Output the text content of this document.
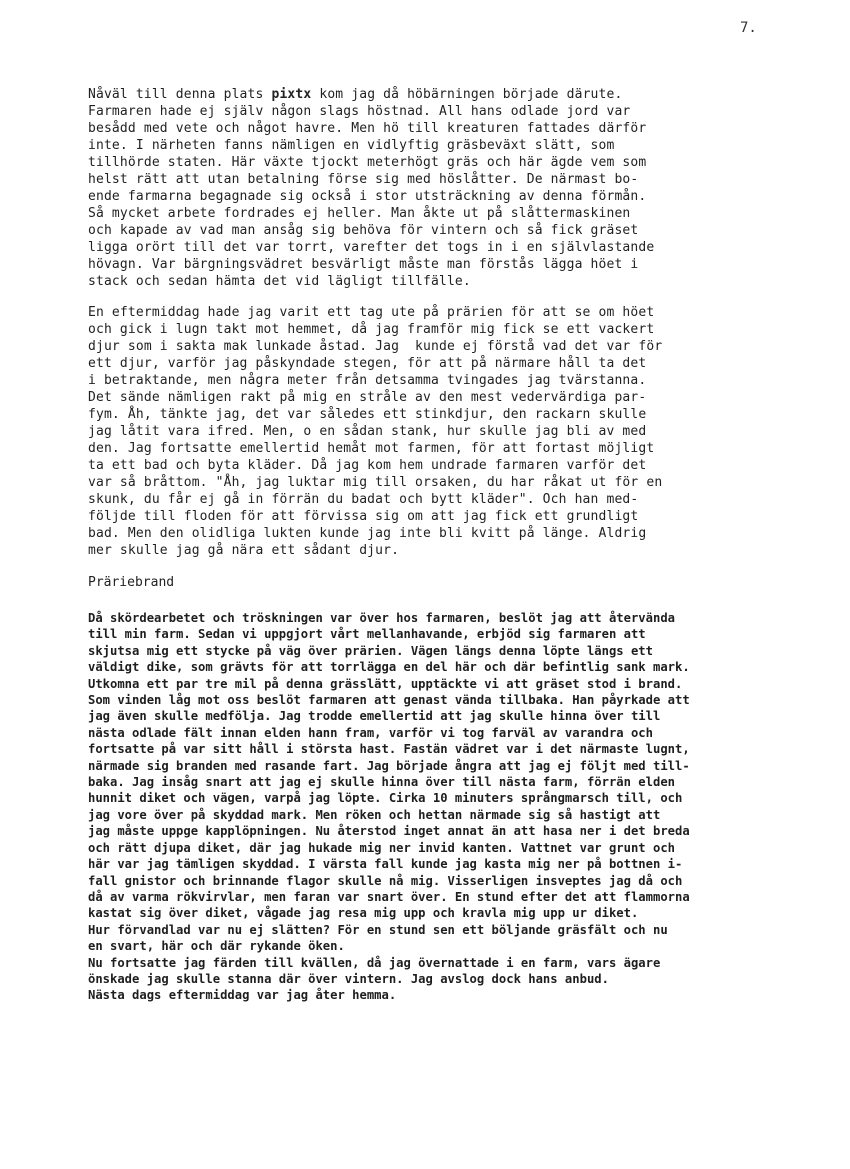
7.
Nåväl till denna plats pixtx kom jag då höbärningen började därute.
Farmaren hade ej själv någon slags höstnad. All hans odlade jord var
besådd med vete och något havre. Men hö till kreaturen fattades därför
inte. I närheten fanns nämligen en vidlyftig gräsbeväxt slätt, som
tillhörde staten. Här växte tjockt meterhögt gräs och här ägde vem som
helst rätt att utan betalning förse sig med höslåtter. De närmast bo-
ende farmarna begagnade sig också i stor utsträckning av denna förmån.
Så mycket arbete fordrades ej heller. Man åkte ut på slåttermaskinen
och kapade av vad man ansåg sig behöva för vintern och så fick gräset
ligga orört till det var torrt, varefter det togs in i en självlastande
hövagn. Var bärgningsvädret besvärligt måste man förstås lägga höet i
stack och sedan hämta det vid lägligt tillfälle.
En eftermiddag hade jag varit ett tag ute på prärien för att se om höet
och gick i lugn takt mot hemmet, då jag framför mig fick se ett vackert
djur som i sakta mak lunkade åstad. Jag  kunde ej förstå vad det var för
ett djur, varför jag påskyndade stegen, för att på närmare håll ta det
i betraktande, men några meter från detsamma tvingades jag tvärstanna.
Det sände nämligen rakt på mig en stråle av den mest vedervärdiga par-
fym. Åh, tänkte jag, det var således ett stinkdjur, den rackarn skulle
jag låtit vara ifred. Men, o en sådan stank, hur skulle jag bli av med
den. Jag fortsatte emellertid hemåt mot farmen, för att fortast möjligt
ta ett bad och byta kläder. Då jag kom hem undrade farmaren varför det
var så bråttom. "Åh, jag luktar mig till orsaken, du har råkat ut för en
skunk, du får ej gå in förrän du badat och bytt kläder". Och han med-
följde till floden för att förvissa sig om att jag fick ett grundligt
bad. Men den olidliga lukten kunde jag inte bli kvitt på länge. Aldrig
mer skulle jag gå nära ett sådant djur.
Präriebrand
Då skördearbetet och tröskningen var över hos farmaren, beslöt jag att återvända
till min farm. Sedan vi uppgjort vårt mellanhavande, erbjöd sig farmaren att
skjutsa mig ett stycke på väg över prärien. Vägen längs denna löpte längs ett
väldigt dike, som grävts för att torrlägga en del här och där befintlig sank mark.
Utkomna ett par tre mil på denna grässlätt, upptäckte vi att gräset stod i brand.
Som vinden låg mot oss beslöt farmaren att genast vända tillbaka. Han påyrkade att
jag även skulle medfölja. Jag trodde emellertid att jag skulle hinna över till
nästa odlade fält innan elden hann fram, varför vi tog farväl av varandra och
fortsatte på var sitt håll i största hast. Fastän vädret var i det närmaste lugnt,
närmade sig branden med rasande fart. Jag började ångra att jag ej följt med till-
baka. Jag insåg snart att jag ej skulle hinna över till nästa farm, förrän elden
hunnit diket och vägen, varpå jag löpte. Cirka 10 minuters språngmarsch till, och
jag vore över på skyddad mark. Men röken och hettan närmade sig så hastigt att
jag måste uppge kapplöpningen. Nu återstod inget annat än att hasa ner i det breda
och rätt djupa diket, där jag hukade mig ner invid kanten. Vattnet var grunt och
här var jag tämligen skyddad. I värsta fall kunde jag kasta mig ner på bottnen i-
fall gnistor och brinnande flagor skulle nå mig. Visserligen insveptes jag då och
då av varma rökvirvlar, men faran var snart över. En stund efter det att flammorna
kastat sig över diket, vågade jag resa mig upp och kravla mig upp ur diket.
Hur förvandlad var nu ej slätten? För en stund sen ett böljande gräsfält och nu
en svart, här och där rykande öken.
Nu fortsatte jag färden till kvällen, då jag övernattade i en farm, vars ägare
önskade jag skulle stanna där över vintern. Jag avslog dock hans anbud.
Nästa dags eftermiddag var jag åter hemma.
